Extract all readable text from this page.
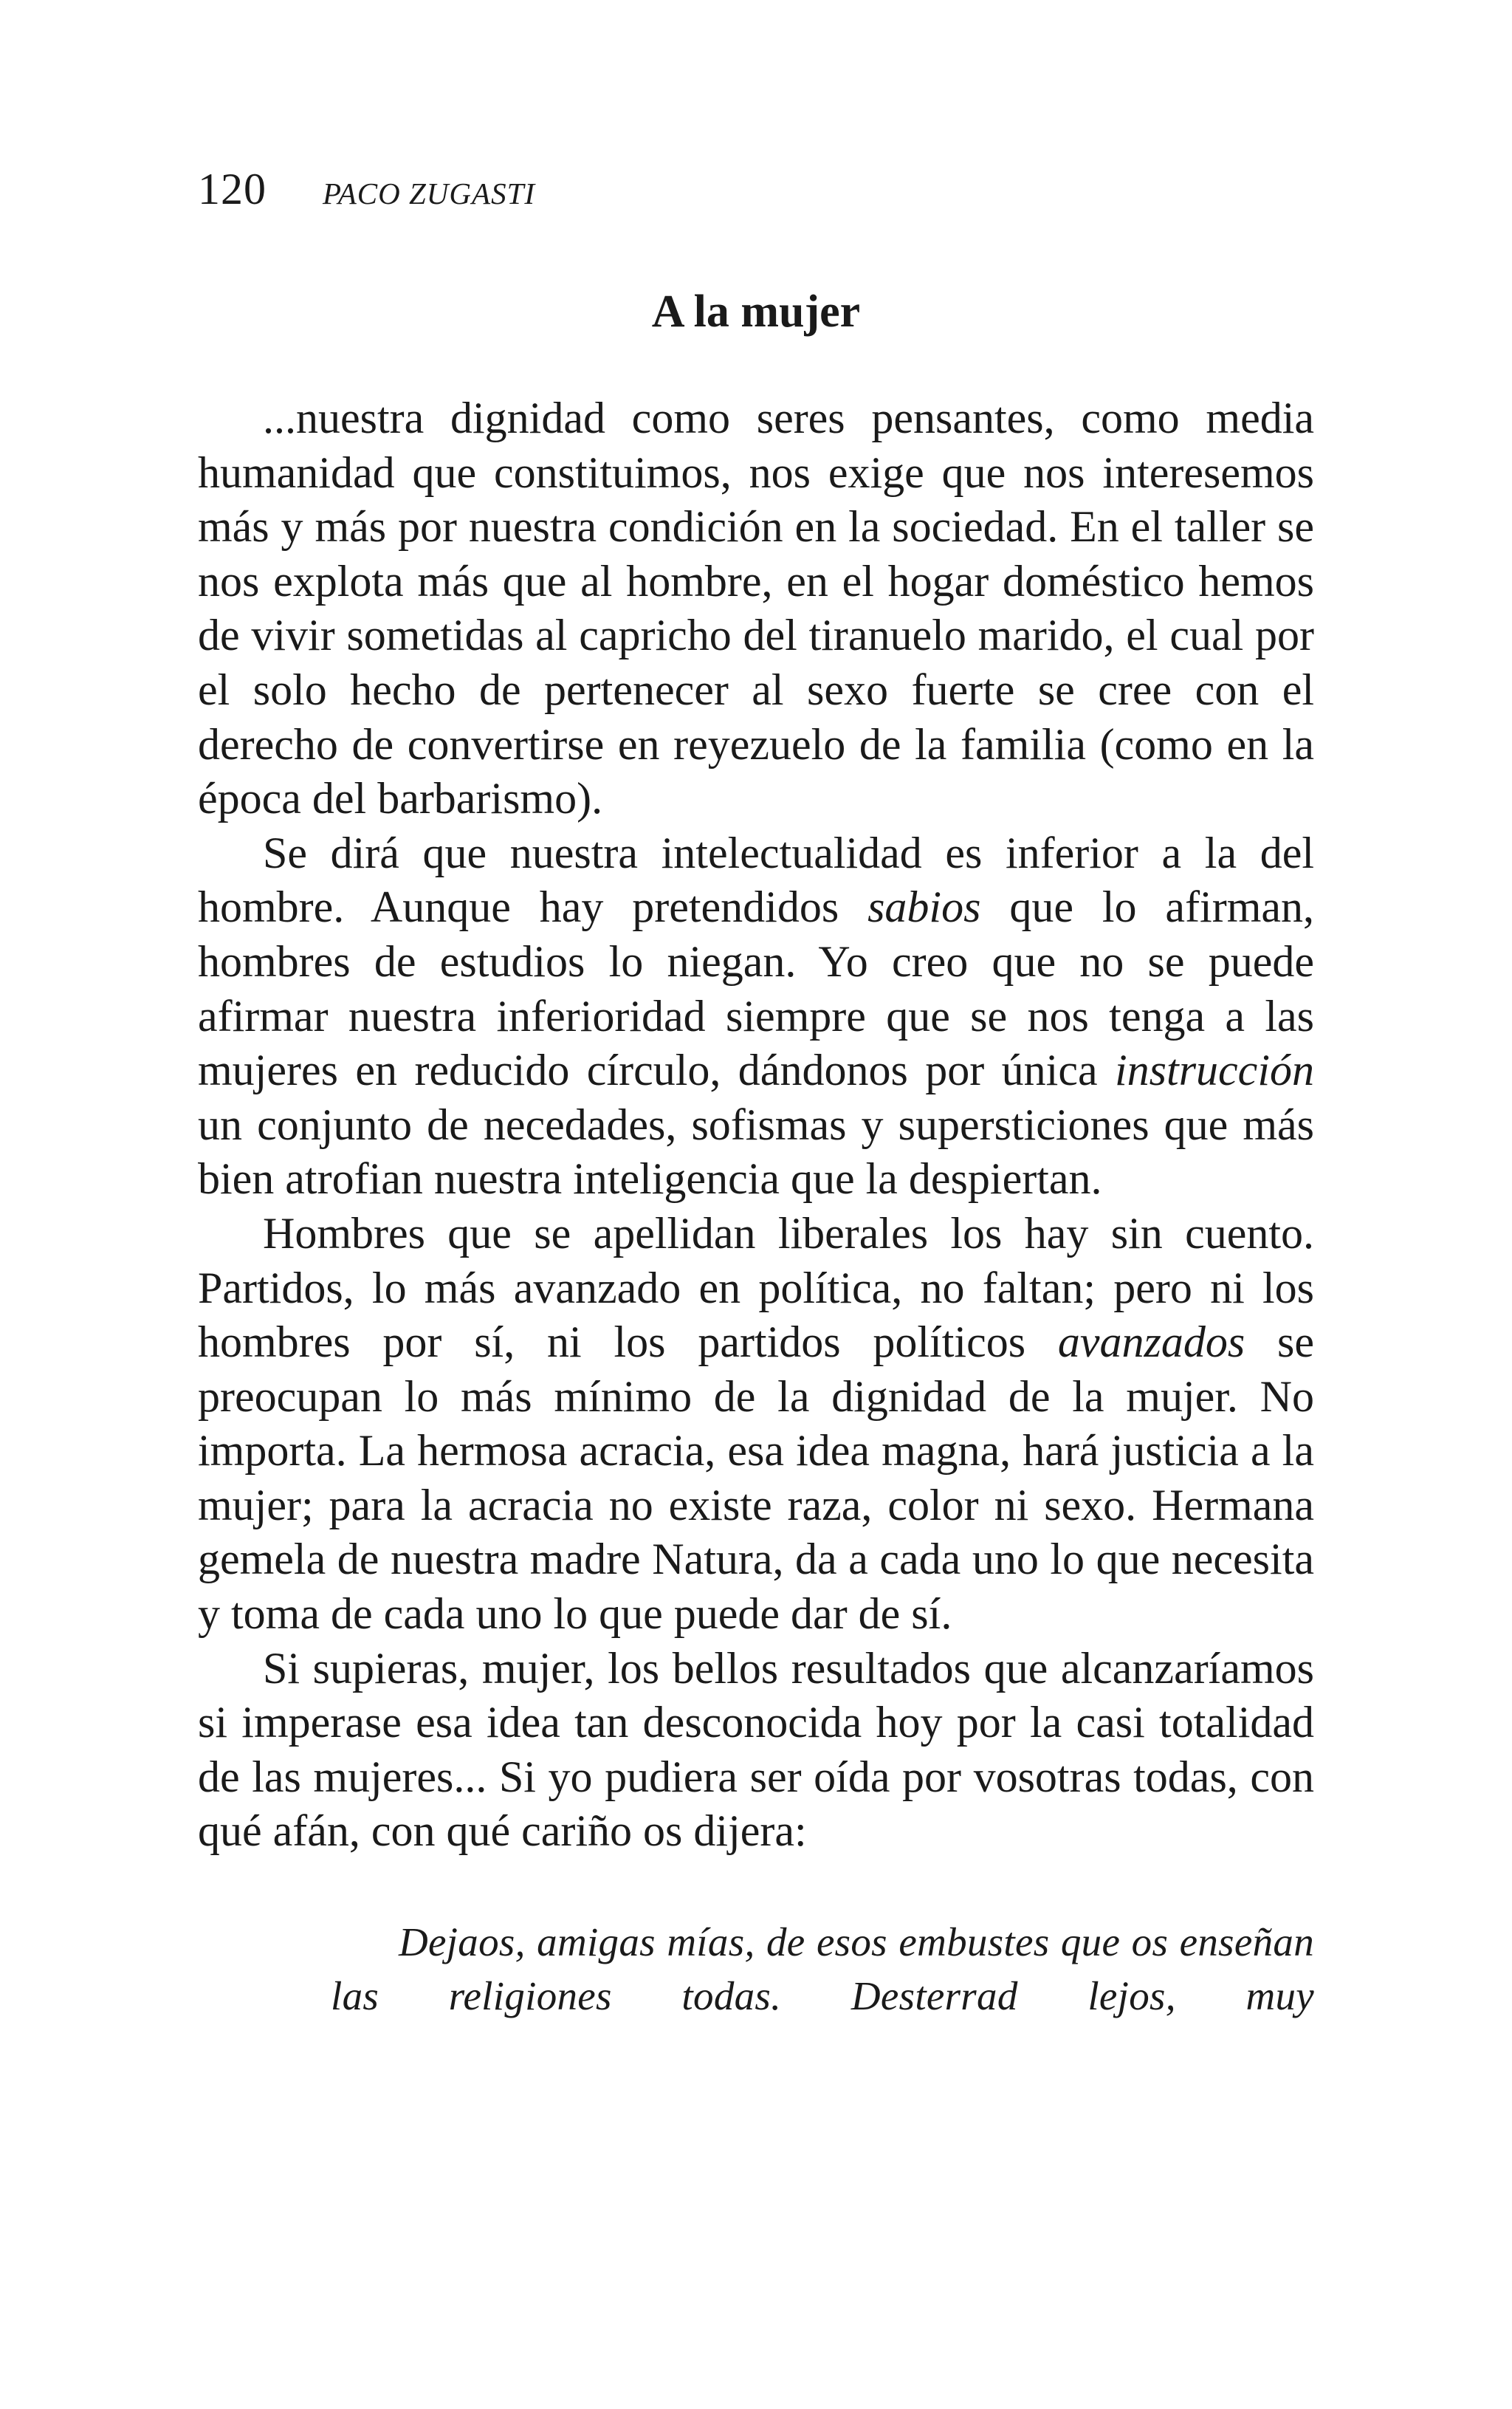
120 PACO ZUGASTI
A la mujer

...nuestra dignidad como seres pensantes, como media humanidad que constituimos, nos exige que nos interesemos más y más por nuestra condición en la sociedad. En el taller se nos explota más que al hombre, en el hogar doméstico hemos de vivir sometidas al capricho del tiranuelo marido, el cual por el solo hecho de pertenecer al sexo fuerte se cree con el derecho de convertirse en reyezuelo de la familia (como en la época del barbarismo).

Se dirá que nuestra intelectualidad es inferior a la del hombre. Aunque hay pretendidos sabios que lo afirman, hombres de estudios lo niegan. Yo creo que no se puede afirmar nuestra inferioridad siempre que se nos tenga a las mujeres en reducido círculo, dándonos por única instrucción un conjunto de necedades, sofismas y supersticiones que más bien atrofian nuestra inteligencia que la despiertan.

Hombres que se apellidan liberales los hay sin cuento. Partidos, lo más avanzado en política, no faltan; pero ni los hombres por sí, ni los partidos políticos avanzados se preocupan lo más mínimo de la dignidad de la mujer. No importa. La hermosa acracia, esa idea magna, hará justicia a la mujer; para la acracia no existe raza, color ni sexo. Hermana gemela de nuestra madre Natura, da a cada uno lo que necesita y toma de cada uno lo que puede dar de sí.

Si supieras, mujer, los bellos resultados que alcanzaríamos si imperase esa idea tan desconocida hoy por la casi totalidad de las mujeres... Si yo pudiera ser oída por vosotras todas, con qué afán, con qué cariño os dijera:

Dejaos, amigas mías, de esos embustes que os enseñan las religiones todas. Desterrad lejos, muy
